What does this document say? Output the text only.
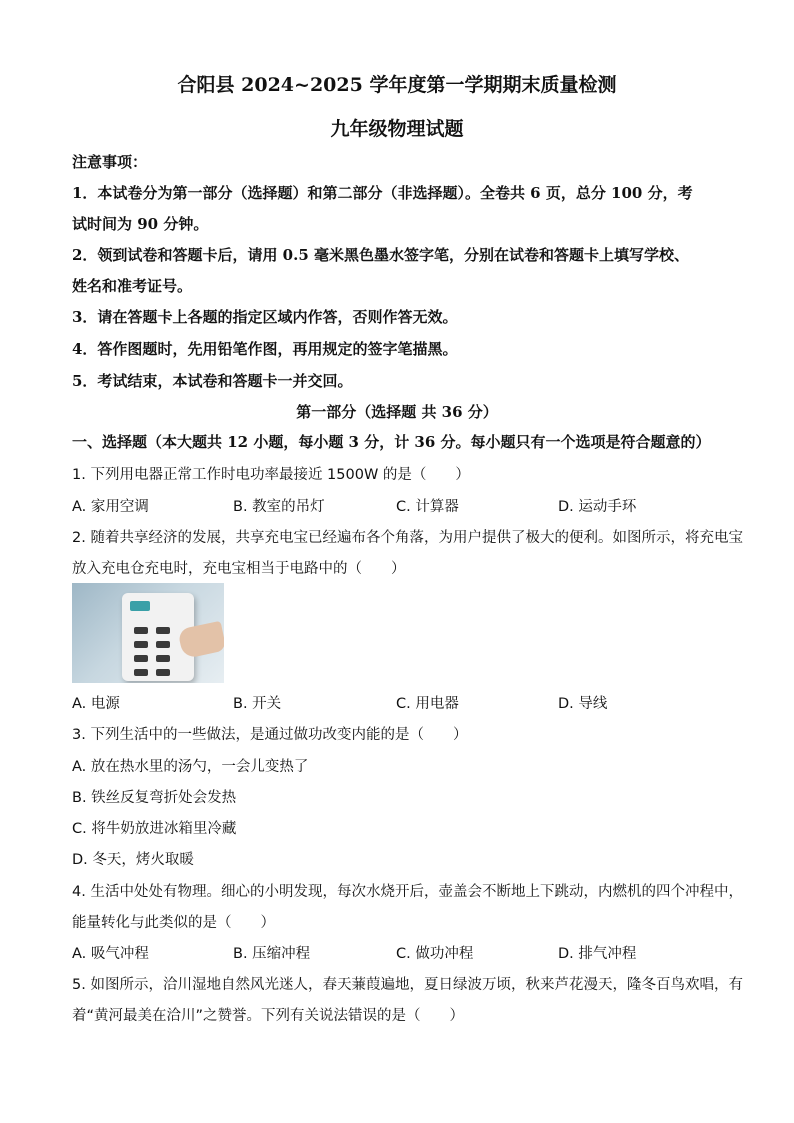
合阳县 2024~2025 学年度第一学期期末质量检测
九年级物理试题
注意事项：
1．本试卷分为第一部分（选择题）和第二部分（非选择题）。全卷共 6 页，总分 100 分，考
试时间为 90 分钟。
2．领到试卷和答题卡后，请用 0.5 毫米黑色墨水签字笔，分别在试卷和答题卡上填写学校、
姓名和准考证号。
3．请在答题卡上各题的指定区域内作答，否则作答无效。
4．答作图题时，先用铅笔作图，再用规定的签字笔描黑。
5．考试结束，本试卷和答题卡一并交回。
第一部分（选择题 共 36 分）
一、选择题（本大题共 12 小题，每小题 3 分，计 36 分。每小题只有一个选项是符合题意的）
1. 下列用电器正常工作时电功率最接近 1500W 的是（　　）
A. 家用空调	B. 教室的吊灯	C. 计算器	D. 运动手环
2. 随着共享经济的发展，共享充电宝已经遍布各个角落，为用户提供了极大的便利。如图所示，将充电宝
放入充电仓充电时，充电宝相当于电路中的（　　）
A. 电源	B. 开关	C. 用电器	D. 导线
3. 下列生活中的一些做法，是通过做功改变内能的是（　　）
A. 放在热水里的汤勺，一会儿变热了
B. 铁丝反复弯折处会发热
C. 将牛奶放进冰箱里冷藏
D. 冬天，烤火取暖
4. 生活中处处有物理。细心的小明发现，每次水烧开后，壶盖会不断地上下跳动，内燃机的四个冲程中，
能量转化与此类似的是（　　）
A. 吸气冲程	B. 压缩冲程	C. 做功冲程	D. 排气冲程
5. 如图所示，洽川湿地自然风光迷人，春天蒹葭遍地，夏日绿波万顷，秋来芦花漫天，隆冬百鸟欢唱，有
着“黄河最美在洽川”之赞誉。下列有关说法错误的是（　　）
